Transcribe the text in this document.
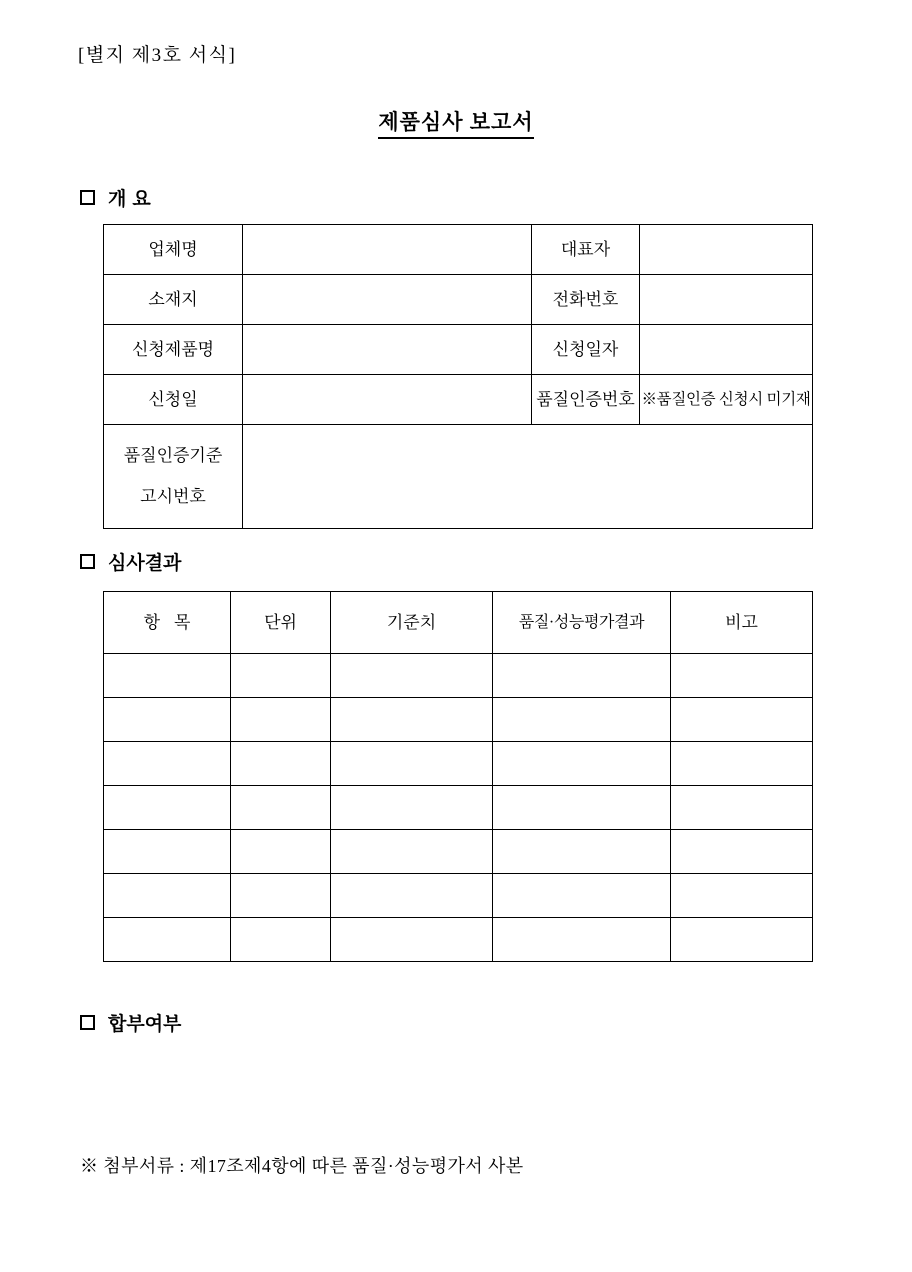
[별지 제3호 서식]
제품심사 보고서
개 요
업체명		대표자	
소재지		전화번호	
신청제품명		신청일자	
신청일		품질인증번호	※품질인증 신청시 미기재

품질인증기준
고시번호			

심사결과
항목	단위	기준치	품질·성능평가결과	비고

합부여부
※ 첨부서류 : 제17조제4항에 따른 품질·성능평가서 사본
